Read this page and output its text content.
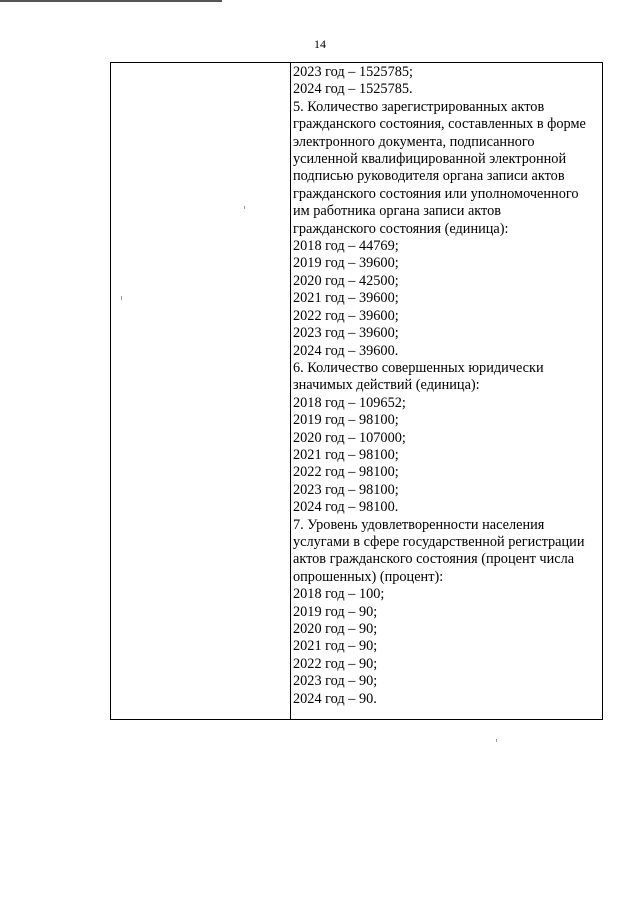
14
2023 год – 1525785;
2024 год – 1525785.
5. Количество зарегистрированных актов
гражданского состояния, составленных в форме
электронного документа, подписанного
усиленной квалифицированной электронной
подписью руководителя органа записи актов
гражданского состояния или уполномоченного
им работника органа записи актов
гражданского состояния (единица):
2018 год – 44769;
2019 год – 39600;
2020 год – 42500;
2021 год – 39600;
2022 год – 39600;
2023 год – 39600;
2024 год – 39600.
6. Количество совершенных юридически
значимых действий (единица):
2018 год – 109652;
2019 год – 98100;
2020 год – 107000;
2021 год – 98100;
2022 год – 98100;
2023 год – 98100;
2024 год – 98100.
7. Уровень удовлетворенности населения
услугами в сфере государственной регистрации
актов гражданского состояния (процент числа
опрошенных) (процент):
2018 год – 100;
2019 год – 90;
2020 год – 90;
2021 год – 90;
2022 год – 90;
2023 год – 90;
2024 год – 90.
